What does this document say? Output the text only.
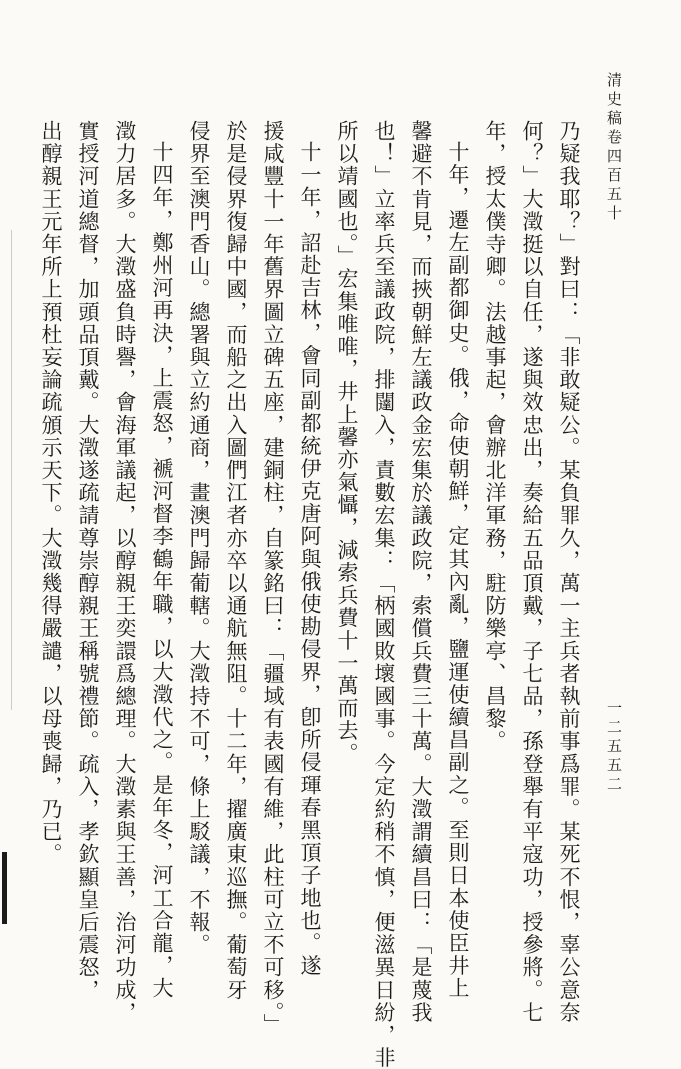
清史稿卷四百五十
一二五五二
乃疑我耶？」對曰：「非敢疑公。某負罪久，萬一主兵者執前事爲罪。某死不恨，辜公意奈
何？」大澂挺以自任，遂與效忠出，奏給五品頂戴，子七品，孫登舉有平寇功，授參將。七
年，授太僕寺卿。法越事起，會辦北洋軍務，駐防樂亭、昌黎。
十年，遷左副都御史。俄，命使朝鮮，定其內亂，鹽運使續昌副之。至則日本使臣井上
馨避不肯見，而挾朝鮮左議政金宏集於議政院，索償兵費三十萬。大澂謂續昌曰：「是蔑我
也！」立率兵至議政院，排闥入，責數宏集：「柄國敗壞國事。今定約稍不慎，便滋異日紛，非
所以靖國也。」宏集唯唯，井上馨亦氣懾，減索兵費十一萬而去。
十一年，詔赴吉林，會同副都統伊克唐阿與俄使勘侵界，卽所侵琿春黑頂子地也。遂
援咸豐十一年舊界圖立碑五座，建銅柱，自篆銘曰：「疆域有表國有維，此柱可立不可移。」
於是侵界復歸中國，而船之出入圖們江者亦卒以通航無阻。十二年，擢廣東巡撫。葡萄牙
侵界至澳門香山。總署與立約通商，畫澳門歸葡轄。大澂持不可，條上駁議，不報。
十四年，鄭州河再決，上震怒，褫河督李鶴年職，以大澂代之。是年冬，河工合龍，大
澂力居多。大澂盛負時譽，會海軍議起，以醇親王奕譞爲總理。大澂素與王善，治河功成，
實授河道總督，加頭品頂戴。大澂遂疏請尊崇醇親王稱號禮節。疏入，孝欽顯皇后震怒，
出醇親王元年所上預杜妄論疏頒示天下。大澂幾得嚴譴，以母喪歸，乃已。
